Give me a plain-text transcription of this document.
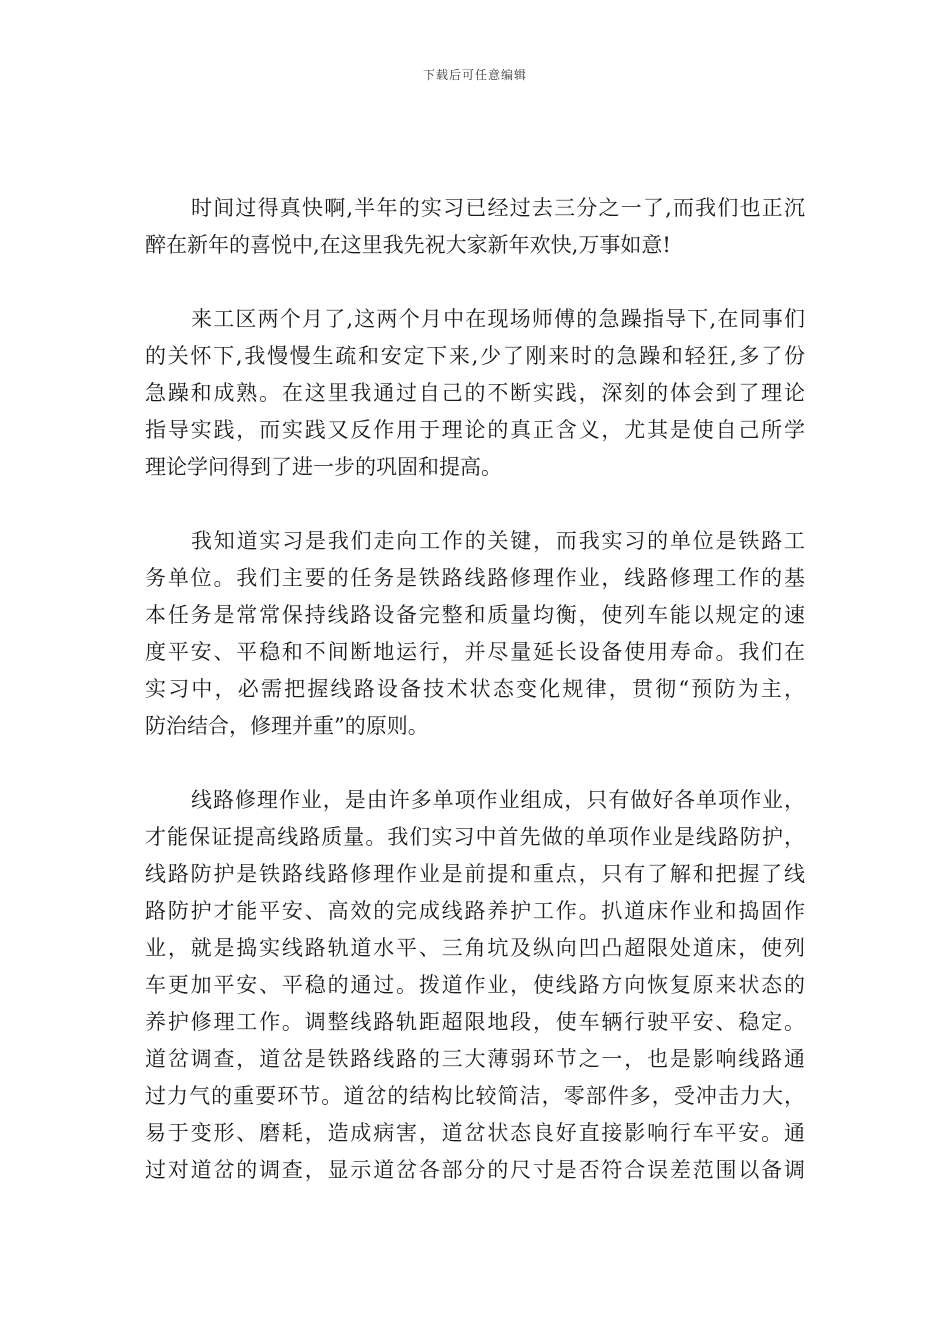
下载后可任意编辑
时间过得真快啊,半年的实习已经过去三分之一了,而我们也正沉
醉在新年的喜悦中,在这里我先祝大家新年欢快,万事如意!
来工区两个月了,这两个月中在现场师傅的急躁指导下,在同事们
的关怀下,我慢慢生疏和安定下来,少了刚来时的急躁和轻狂,多了份
急躁和成熟。在这里我通过自己的不断实践，深刻的体会到了理论
指导实践，而实践又反作用于理论的真正含义，尤其是使自己所学
理论学问得到了进一步的巩固和提高。
我知道实习是我们走向工作的关键，而我实习的单位是铁路工
务单位。我们主要的任务是铁路线路修理作业，线路修理工作的基
本任务是常常保持线路设备完整和质量均衡，使列车能以规定的速
度平安、平稳和不间断地运行，并尽量延长设备使用寿命。我们在
实习中，必需把握线路设备技术状态变化规律，贯彻“预防为主，
防治结合，修理并重”的原则。
线路修理作业，是由许多单项作业组成，只有做好各单项作业，
才能保证提高线路质量。我们实习中首先做的单项作业是线路防护，
线路防护是铁路线路修理作业是前提和重点，只有了解和把握了线
路防护才能平安、高效的完成线路养护工作。扒道床作业和捣固作
业，就是捣实线路轨道水平、三角坑及纵向凹凸超限处道床，使列
车更加平安、平稳的通过。拨道作业，使线路方向恢复原来状态的
养护修理工作。调整线路轨距超限地段，使车辆行驶平安、稳定。
道岔调查，道岔是铁路线路的三大薄弱环节之一，也是影响线路通
过力气的重要环节。道岔的结构比较简洁，零部件多，受冲击力大，
易于变形、磨耗，造成病害，道岔状态良好直接影响行车平安。通
过对道岔的调查，显示道岔各部分的尺寸是否符合误差范围以备调
